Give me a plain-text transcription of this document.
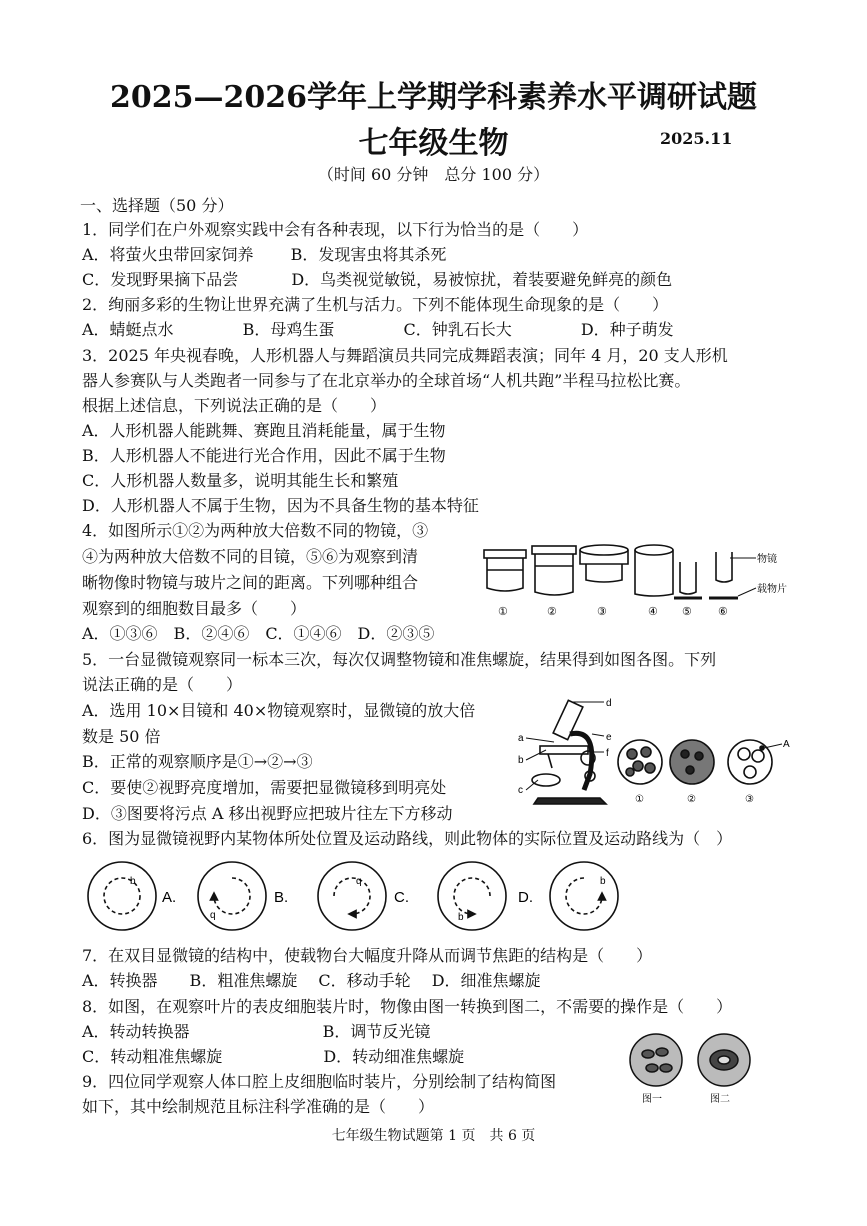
2025—2026学年上学期学科素养水平调研试题
七年级生物	2025.11
（时间 60 分钟　总分 100 分）
一、选择题（50 分）
1．同学们在户外观察实践中会有各种表现，以下行为恰当的是（　　）
A．将萤火虫带回家饲养　　 B．发现害虫将其杀死
C．发现野果摘下品尝　　　 D．鸟类视觉敏锐，易被惊扰，着装要避免鲜亮的颜色
2．绚丽多彩的生物让世界充满了生机与活力。下列不能体现生命现象的是（　　）
A．蜻蜓点水　　　　 B．母鸡生蛋　　　　 C．钟乳石长大　　　　 D．种子萌发
3．2025 年央视春晚，人形机器人与舞蹈演员共同完成舞蹈表演；同年 4 月，20 支人形机
器人参赛队与人类跑者一同参与了在北京举办的全球首场“人机共跑”半程马拉松比赛。
根据上述信息，下列说法正确的是（　　）
A．人形机器人能跳舞、赛跑且消耗能量，属于生物
B．人形机器人不能进行光合作用，因此不属于生物
C．人形机器人数量多，说明其能生长和繁殖
D．人形机器人不属于生物，因为不具备生物的基本特征
4．如图所示①②为两种放大倍数不同的物镜，③
④为两种放大倍数不同的目镜，⑤⑥为观察到清
晰物像时物镜与玻片之间的距离。下列哪种组合
观察到的细胞数目最多（　　）
A．①③⑥　B．②④⑥　C．①④⑥　D．②③⑤
5．一台显微镜观察同一标本三次，每次仅调整物镜和准焦螺旋，结果得到如图各图。下列
说法正确的是（　　）
A．选用 10×目镜和 40×物镜观察时，显微镜的放大倍
数是 50 倍
B．正常的观察顺序是①→②→③
C．要使②视野亮度增加，需要把显微镜移到明亮处
D．③图要将污点 A 移出视野应把玻片往左下方移动
6．图为显微镜视野内某物体所处位置及运动路线，则此物体的实际位置及运动路线为（　）
7．在双目显微镜的结构中，使载物台大幅度升降从而调节焦距的结构是（　　）
A．转换器　　B．粗准焦螺旋　 C．移动手轮　 D．细准焦螺旋
8．如图，在观察叶片的表皮细胞装片时，物像由图一转换到图二，不需要的操作是（　　）
A．转动转换器　　　　　　　　 B．调节反光镜
C．转动粗准焦螺旋　　　　　　 D．转动细准焦螺旋
9．四位同学观察人体口腔上皮细胞临时装片，分别绘制了结构简图
如下，其中绘制规范且标注科学准确的是（　　）
①	②	③	④ ⑤ ⑥
物镜
载物片
a
b
c
d
e
f
A
①	②	③
b
q
q
b
b
A.	B.	C.	D.
图一	图二
七年级生物试题第 1 页　共 6 页
